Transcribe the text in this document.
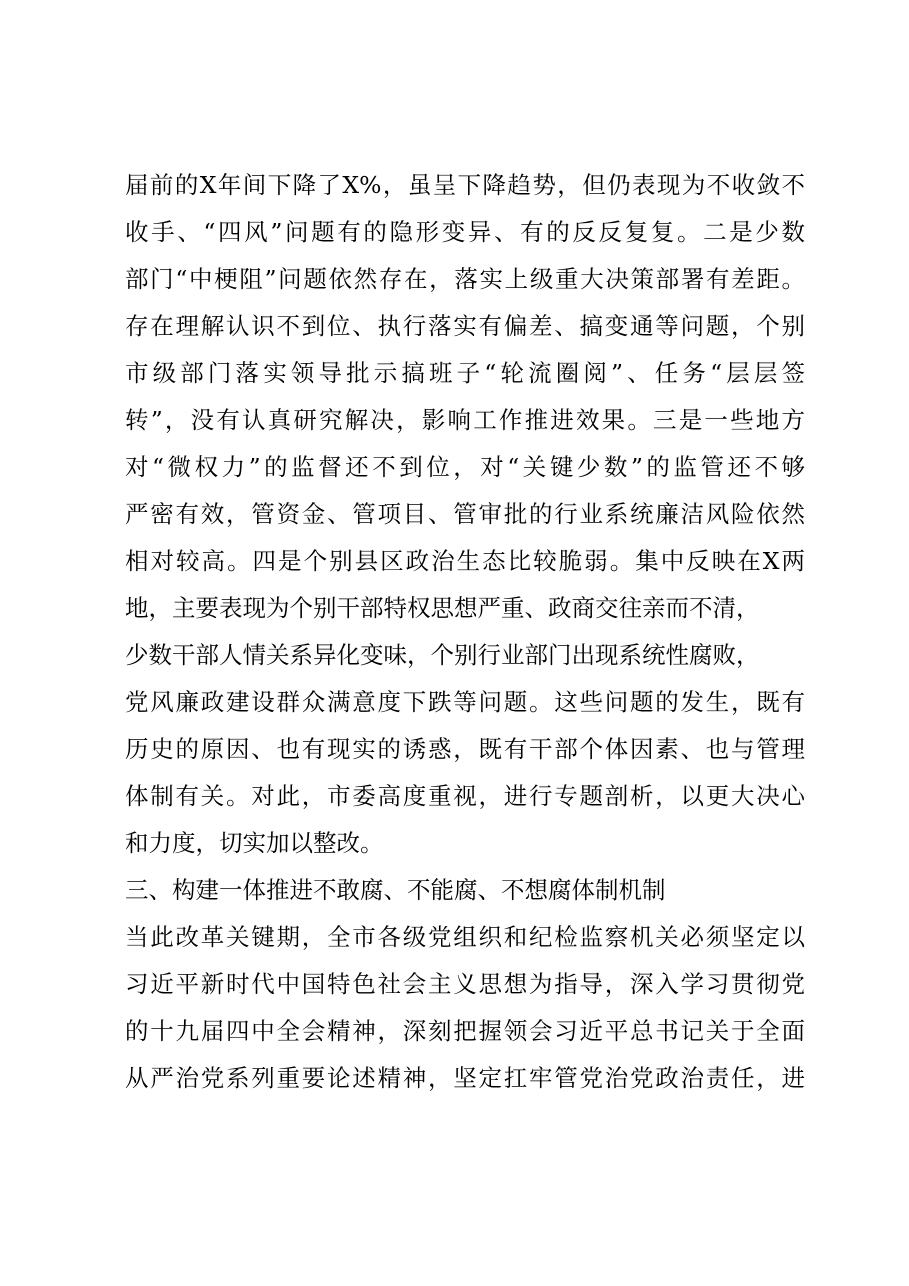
届前的X年间下降了X%，虽呈下降趋势，但仍表现为不收敛不
收手、“四风”问题有的隐形变异、有的反反复复。二是少数
部门“中梗阻”问题依然存在，落实上级重大决策部署有差距。
存在理解认识不到位、执行落实有偏差、搞变通等问题，个别
市级部门落实领导批示搞班子“轮流圈阅”、任务“层层签
转”，没有认真研究解决，影响工作推进效果。三是一些地方
对“微权力”的监督还不到位，对“关键少数”的监管还不够
严密有效，管资金、管项目、管审批的行业系统廉洁风险依然
相对较高。四是个别县区政治生态比较脆弱。集中反映在X两
地，主要表现为个别干部特权思想严重、政商交往亲而不清，
少数干部人情关系异化变味，个别行业部门出现系统性腐败，
党风廉政建设群众满意度下跌等问题。这些问题的发生，既有
历史的原因、也有现实的诱惑，既有干部个体因素、也与管理
体制有关。对此，市委高度重视，进行专题剖析，以更大决心
和力度，切实加以整改。
三、构建一体推进不敢腐、不能腐、不想腐体制机制
当此改革关键期，全市各级党组织和纪检监察机关必须坚定以
习近平新时代中国特色社会主义思想为指导，深入学习贯彻党
的十九届四中全会精神，深刻把握领会习近平总书记关于全面
从严治党系列重要论述精神，坚定扛牢管党治党政治责任，进
